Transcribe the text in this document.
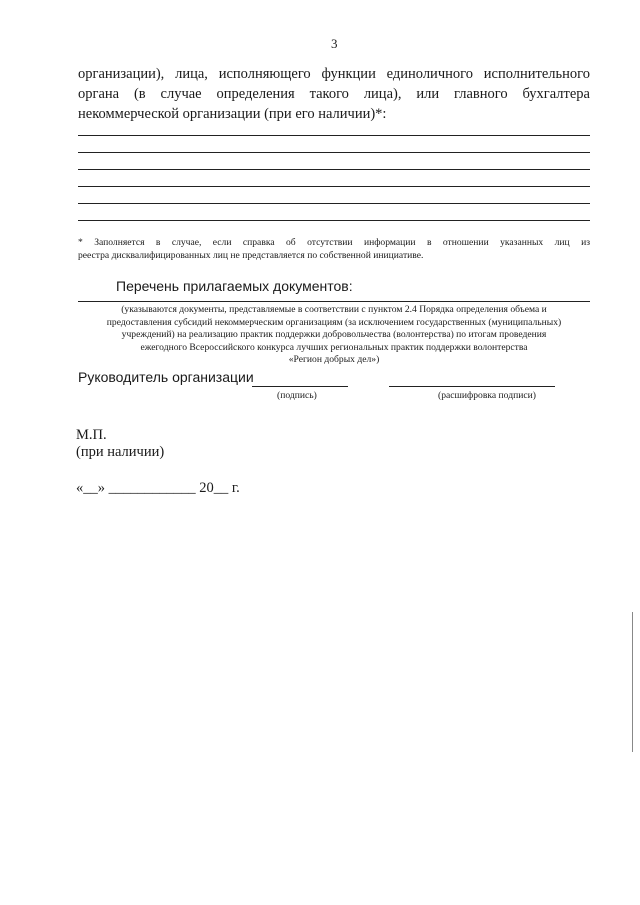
3

организации), лица, исполняющего функции единоличного исполнительного
органа (в случае определения такого лица), или главного бухгалтера
некоммерческой организации (при его наличии)*:

* Заполняется в случае, если справка об отсутствии информации в отношении указанных лиц из
реестра дисквалифицированных лиц не представляется по собственной инициативе.

Перечень прилагаемых документов:

(указываются документы, представляемые в соответствии с пунктом 2.4 Порядка определения объема и
предоставления субсидий некоммерческим организациям (за исключением государственных (муниципальных)
учреждений) на реализацию практик поддержки добровольчества (волонтерства) по итогам проведения
ежегодного Всероссийского конкурса лучших региональных практик поддержки волонтерства
«Регион добрых дел»)

Руководитель организации
(подпись)	(расшифровка подписи)
М.П.
(при наличии)
«__» ____________ 20__ г.
